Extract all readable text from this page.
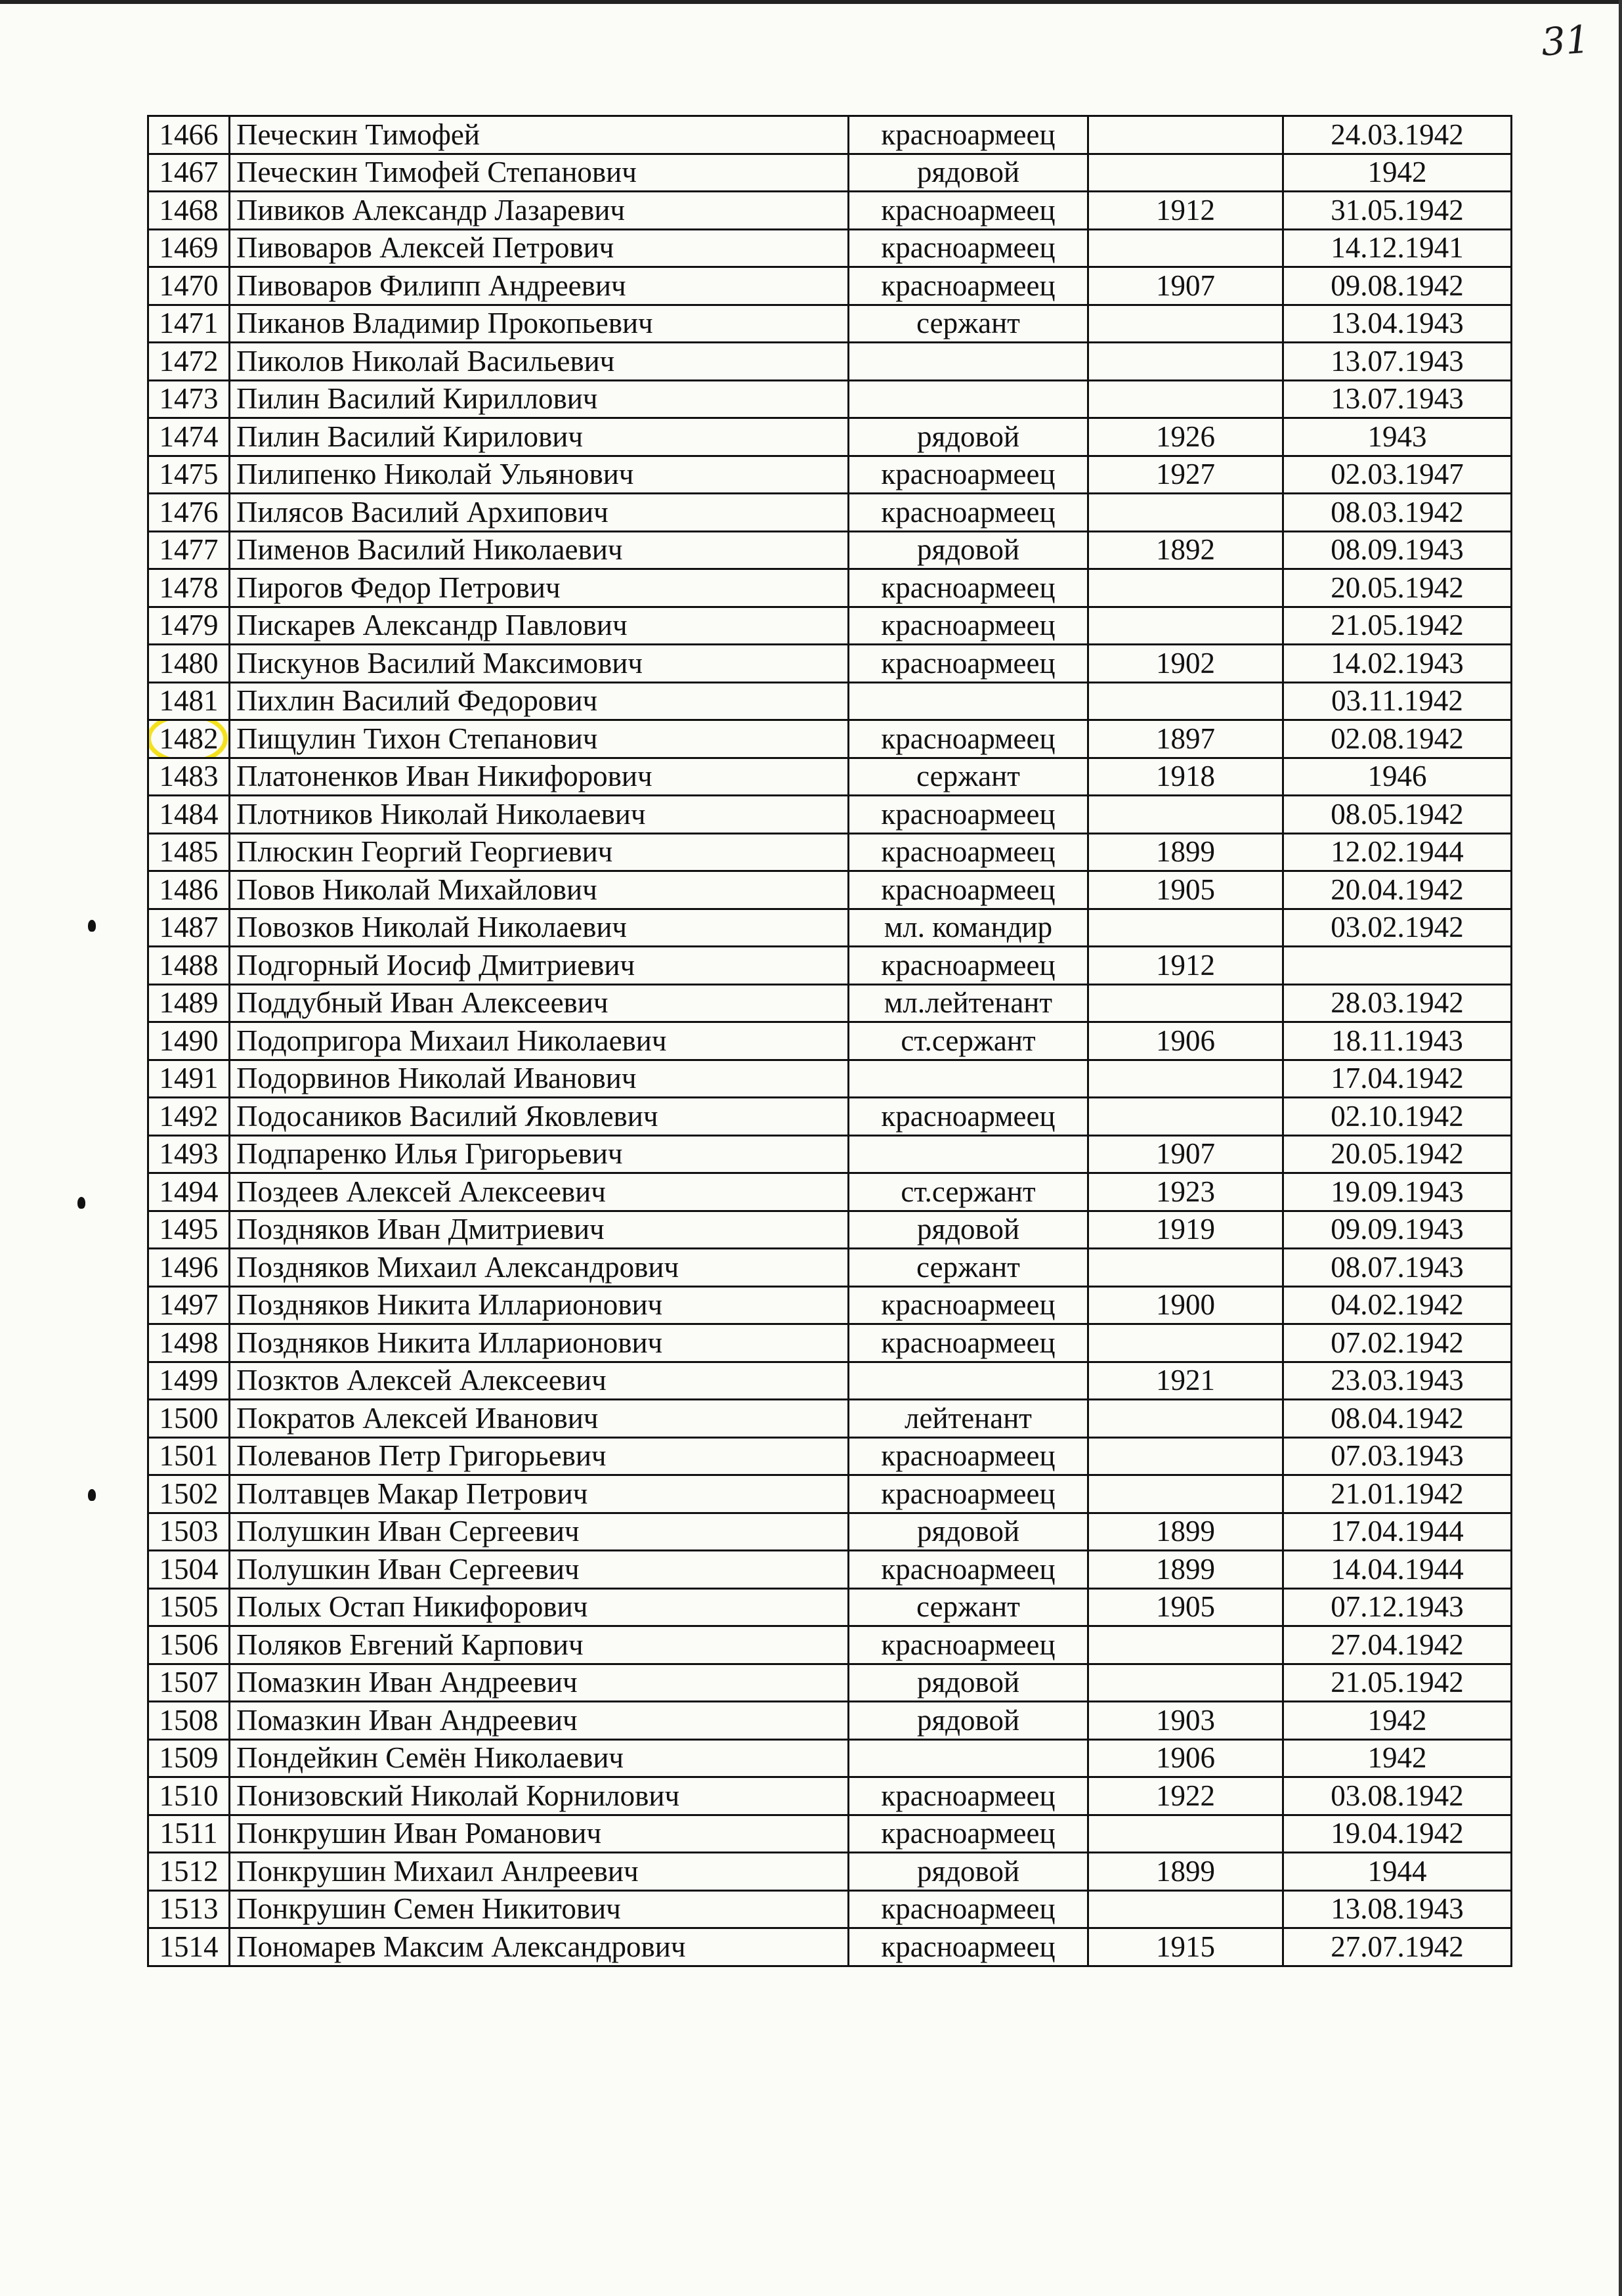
31
1466	Печескин Тимофей	красноармеец		24.03.1942
1467	Печескин Тимофей Степанович	рядовой		1942
1468	Пивиков Александр Лазаревич	красноармеец	1912	31.05.1942
1469	Пивоваров Алексей Петрович	красноармеец		14.12.1941
1470	Пивоваров Филипп Андреевич	красноармеец	1907	09.08.1942
1471	Пиканов Владимир Прокопьевич	сержант		13.04.1943
1472	Пиколов Николай Васильевич			13.07.1943
1473	Пилин Василий Кириллович			13.07.1943
1474	Пилин Василий Кирилович	рядовой	1926	1943
1475	Пилипенко Николай Ульянович	красноармеец	1927	02.03.1947
1476	Пилясов Василий Архипович	красноармеец		08.03.1942
1477	Пименов Василий Николаевич	рядовой	1892	08.09.1943
1478	Пирогов Федор Петрович	красноармеец		20.05.1942
1479	Пискарев Александр Павлович	красноармеец		21.05.1942
1480	Пискунов Василий Максимович	красноармеец	1902	14.02.1943
1481	Пихлин Василий Федорович			03.11.1942
1482	Пищулин Тихон Степанович	красноармеец	1897	02.08.1942
1483	Платоненков Иван Никифорович	сержант	1918	1946
1484	Плотников Николай Николаевич	красноармеец		08.05.1942
1485	Плюскин Георгий Георгиевич	красноармеец	1899	12.02.1944
1486	Повов Николай Михайлович	красноармеец	1905	20.04.1942
1487	Повозков Николай Николаевич	мл. командир		03.02.1942
1488	Подгорный Иосиф Дмитриевич	красноармеец	1912	
1489	Поддубный Иван Алексеевич	мл.лейтенант		28.03.1942
1490	Подопригора Михаил Николаевич	ст.сержант	1906	18.11.1943
1491	Подорвинов Николай Иванович			17.04.1942
1492	Подосаников Василий Яковлевич	красноармеец		02.10.1942
1493	Подпаренко Илья Григорьевич		1907	20.05.1942
1494	Поздеев Алексей Алексеевич	ст.сержант	1923	19.09.1943
1495	Поздняков Иван Дмитриевич	рядовой	1919	09.09.1943
1496	Поздняков Михаил Александрович	сержант		08.07.1943
1497	Поздняков Никита Илларионович	красноармеец	1900	04.02.1942
1498	Поздняков Никита Илларионович	красноармеец		07.02.1942
1499	Позктов Алексей Алексеевич		1921	23.03.1943
1500	Пократов Алексей Иванович	лейтенант		08.04.1942
1501	Полеванов Петр Григорьевич	красноармеец		07.03.1943
1502	Полтавцев Макар Петрович	красноармеец		21.01.1942
1503	Полушкин Иван Сергеевич	рядовой	1899	17.04.1944
1504	Полушкин Иван Сергеевич	красноармеец	1899	14.04.1944
1505	Полых Остап Никифорович	сержант	1905	07.12.1943
1506	Поляков Евгений Карпович	красноармеец		27.04.1942
1507	Помазкин Иван Андреевич	рядовой		21.05.1942
1508	Помазкин Иван Андреевич	рядовой	1903	1942
1509	Пондейкин Семён Николаевич		1906	1942
1510	Понизовский Николай Корнилович	красноармеец	1922	03.08.1942
1511	Понкрушин Иван Романович	красноармеец		19.04.1942
1512	Понкрушин Михаил Анлреевич	рядовой	1899	1944
1513	Понкрушин Семен Никитович	красноармеец		13.08.1943
1514	Пономарев Максим Александрович	красноармеец	1915	27.07.1942
